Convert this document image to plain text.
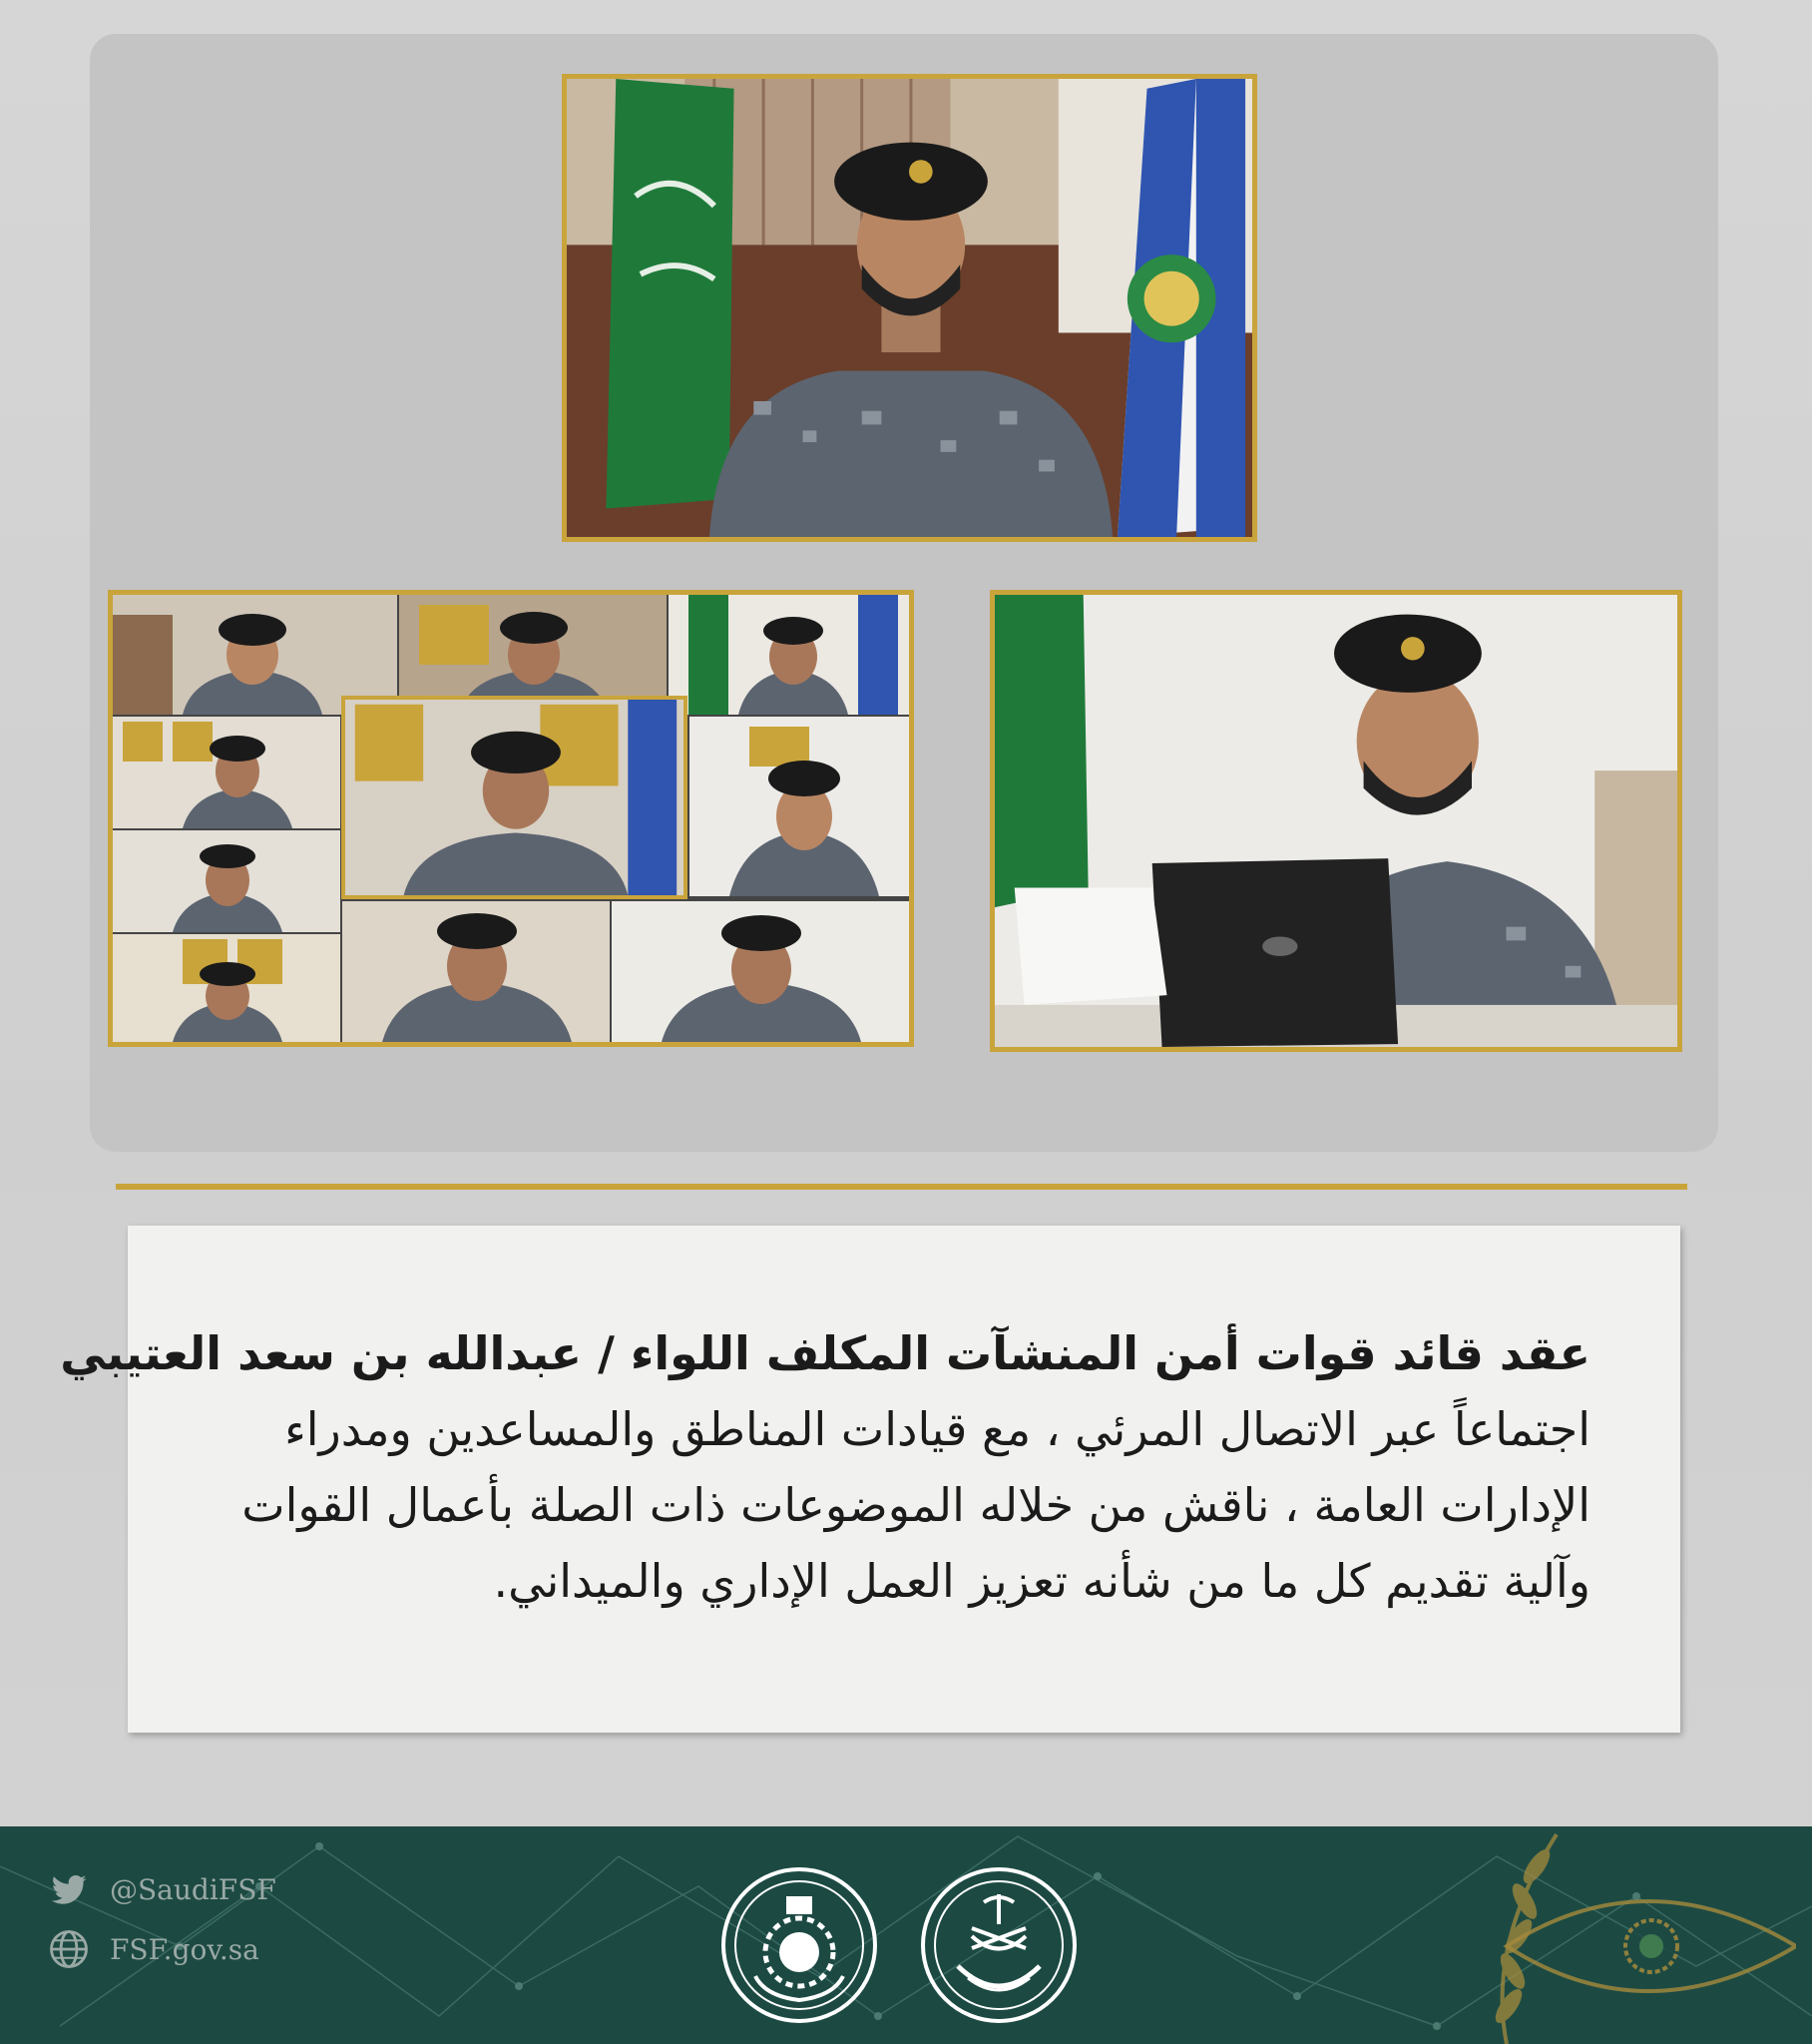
عقد قائد قوات أمن المنشآت المكلف اللواء / عبدالله بن سعد العتيبي

اجتماعاً عبر الاتصال المرئي ، مع قيادات المناطق والمساعدين ومدراء

الإدارات العامة ، ناقش من خلاله الموضوعات ذات الصلة بأعمال القوات

وآلية تقديم كل ما من شأنه تعزيز العمل الإداري والميداني.

@SaudiFSF
FSF.gov.sa
